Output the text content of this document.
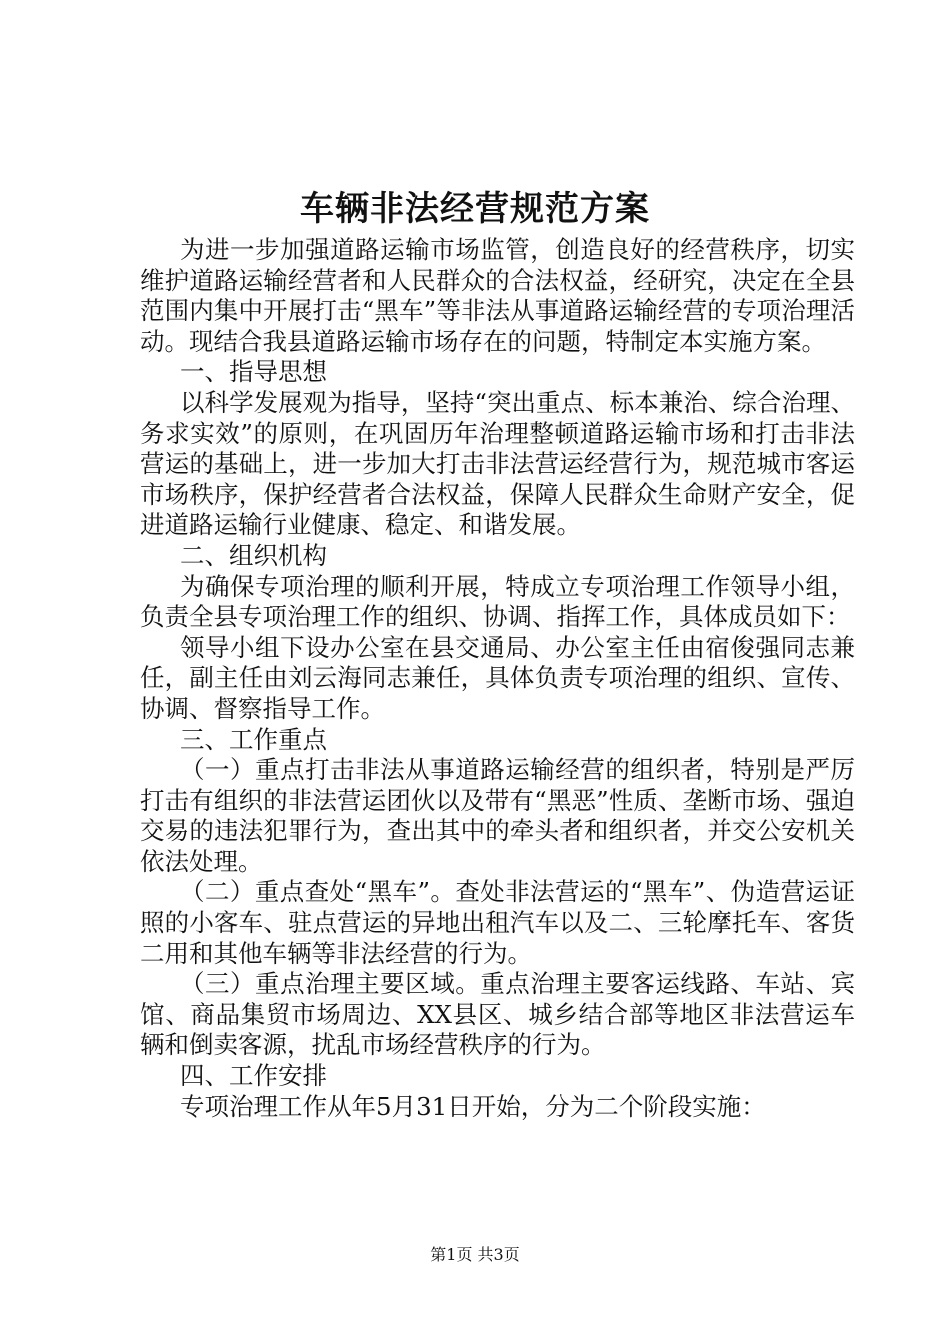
车辆非法经营规范方案

为进一步加强道路运输市场监管，创造良好的经营秩序，切实维护道路运输经营者和人民群众的合法权益，经研究，决定在全县范围内集中开展打击“黑车”等非法从事道路运输经营的专项治理活动。现结合我县道路运输市场存在的问题，特制定本实施方案。

一、指导思想

以科学发展观为指导，坚持“突出重点、标本兼治、综合治理、务求实效”的原则，在巩固历年治理整顿道路运输市场和打击非法营运的基础上，进一步加大打击非法营运经营行为，规范城市客运市场秩序，保护经营者合法权益，保障人民群众生命财产安全，促进道路运输行业健康、稳定、和谐发展。

二、组织机构

为确保专项治理的顺利开展，特成立专项治理工作领导小组，负责全县专项治理工作的组织、协调、指挥工作，具体成员如下：

领导小组下设办公室在县交通局、办公室主任由宿俊强同志兼任，副主任由刘云海同志兼任，具体负责专项治理的组织、宣传、协调、督察指导工作。

三、工作重点

（一）重点打击非法从事道路运输经营的组织者，特别是严厉打击有组织的非法营运团伙以及带有“黑恶”性质、垄断市场、强迫交易的违法犯罪行为，查出其中的牵头者和组织者，并交公安机关依法处理。

（二）重点查处“黑车”。查处非法营运的“黑车”、伪造营运证照的小客车、驻点营运的异地出租汽车以及二、三轮摩托车、客货二用和其他车辆等非法经营的行为。

（三）重点治理主要区域。重点治理主要客运线路、车站、宾馆、商品集贸市场周边、XX县区、城乡结合部等地区非法营运车辆和倒卖客源，扰乱市场经营秩序的行为。

四、工作安排

专项治理工作从年5月31日开始，分为二个阶段实施：

第1页 共3页
